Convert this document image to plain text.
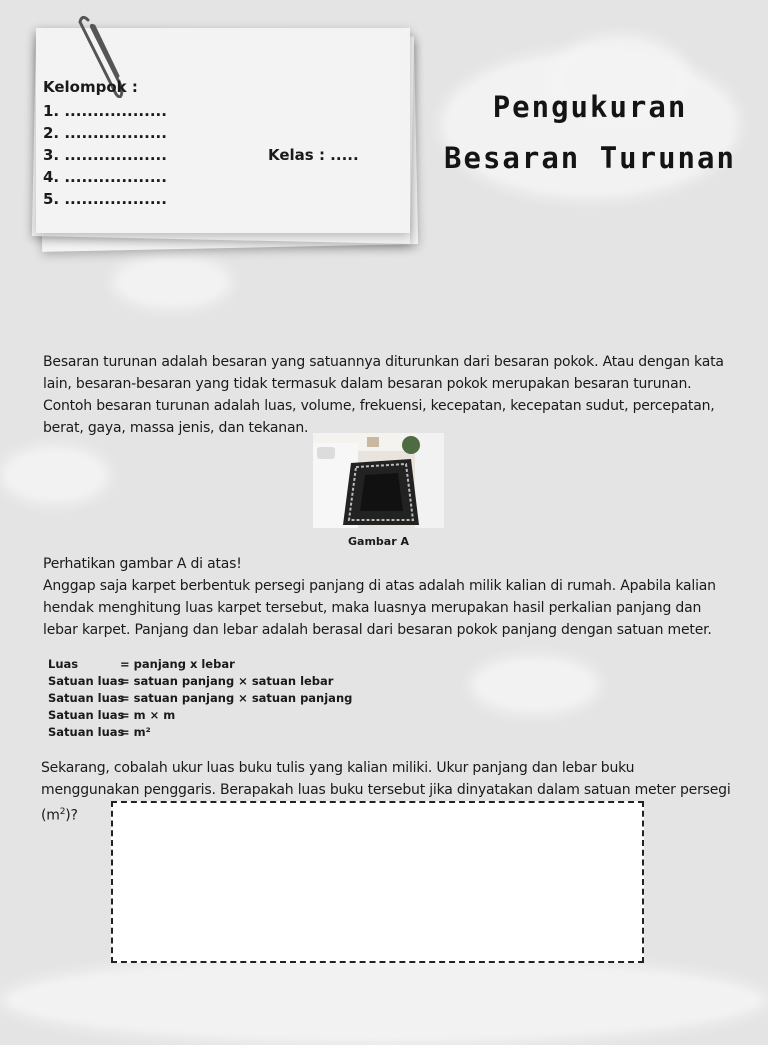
Kelompok :
1. ..................
2. ..................
3. ..................
4. ..................
5. ..................
Kelas : .....
Pengukuran
Besaran Turunan
Besaran turunan adalah besaran yang satuannya diturunkan dari besaran pokok. Atau dengan kata lain, besaran-besaran yang tidak termasuk dalam besaran pokok merupakan besaran turunan. Contoh besaran turunan adalah luas, volume, frekuensi, kecepatan, kecepatan sudut, percepatan, berat, gaya, massa jenis, dan tekanan.
Gambar A
Perhatikan gambar A di atas!
Anggap saja karpet berbentuk persegi panjang di atas adalah milik kalian di rumah. Apabila kalian hendak menghitung luas karpet tersebut, maka luasnya merupakan hasil perkalian panjang dan lebar karpet. Panjang dan lebar adalah berasal dari besaran pokok panjang dengan satuan meter.
Luas	= panjang x lebar
Satuan luas= satuan panjang × satuan lebar
Satuan luas= satuan panjang × satuan panjang
Satuan luas= m × m
Satuan luas= m²
Sekarang, cobalah ukur luas buku tulis yang kalian miliki. Ukur panjang dan lebar buku menggunakan penggaris. Berapakah luas buku tersebut jika dinyatakan dalam satuan meter persegi $(m^2)$?
